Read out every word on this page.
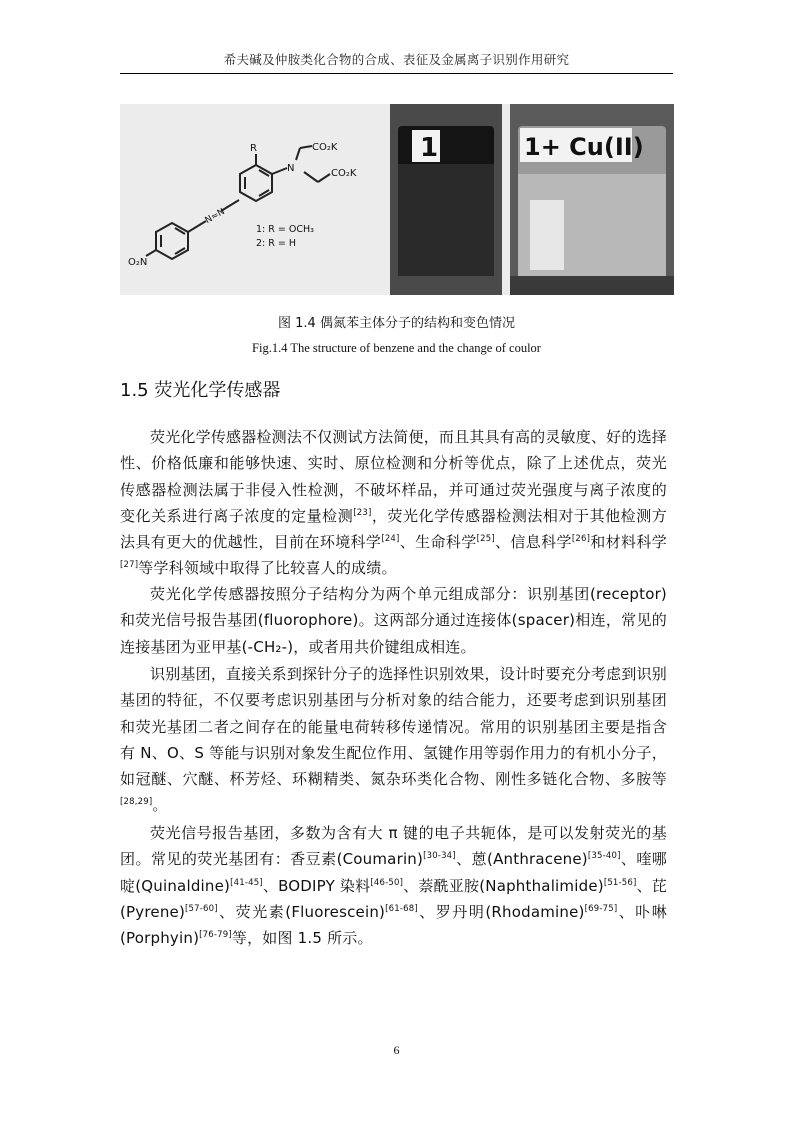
希夫碱及仲胺类化合物的合成、表征及金属离子识别作用研究
R	CO₂K
CO₂K
N
N≈N
O₂N
1: R = OCH₃
2: R = H
1	1+ Cu(II)
图 1.4 偶氮苯主体分子的结构和变色情况
Fig.1.4 The structure of benzene and the change of coulor
1.5 荧光化学传感器

荧光化学传感器检测法不仅测试方法简便，而且其具有高的灵敏度、好的选择性、价格低廉和能够快速、实时、原位检测和分析等优点，除了上述优点，荧光传感器检测法属于非侵入性检测，不破坏样品，并可通过荧光强度与离子浓度的变化关系进行离子浓度的定量检测[23]，荧光化学传感器检测法相对于其他检测方法具有更大的优越性，目前在环境科学[24]、生命科学[25]、信息科学[26]和材料科学[27]等学科领域中取得了比较喜人的成绩。

荧光化学传感器按照分子结构分为两个单元组成部分：识别基团(receptor)和荧光信号报告基团(fluorophore)。这两部分通过连接体(spacer)相连，常见的连接基团为亚甲基(-CH₂-)，或者用共价键组成相连。

识别基团，直接关系到探针分子的选择性识别效果，设计时要充分考虑到识别基团的特征，不仅要考虑识别基团与分析对象的结合能力，还要考虑到识别基团和荧光基团二者之间存在的能量电荷转移传递情况。常用的识别基团主要是指含有 N、O、S 等能与识别对象发生配位作用、氢键作用等弱作用力的有机小分子，如冠醚、穴醚、杯芳烃、环糊精类、氮杂环类化合物、刚性多链化合物、多胺等[28,29]。

荧光信号报告基团，多数为含有大 π 键的电子共轭体，是可以发射荧光的基团。常见的荧光基团有：香豆素(Coumarin)[30-34]、蒽(Anthracene)[35-40]、喹哪啶(Quinaldine)[41-45]、BODIPY 染料[46-50]、萘酰亚胺(Naphthalimide)[51-56]、芘(Pyrene)[57-60]、荧光素(Fluorescein)[61-68]、罗丹明(Rhodamine)[69-75]、卟啉(Porphyin)[76-79]等，如图 1.5 所示。

6
